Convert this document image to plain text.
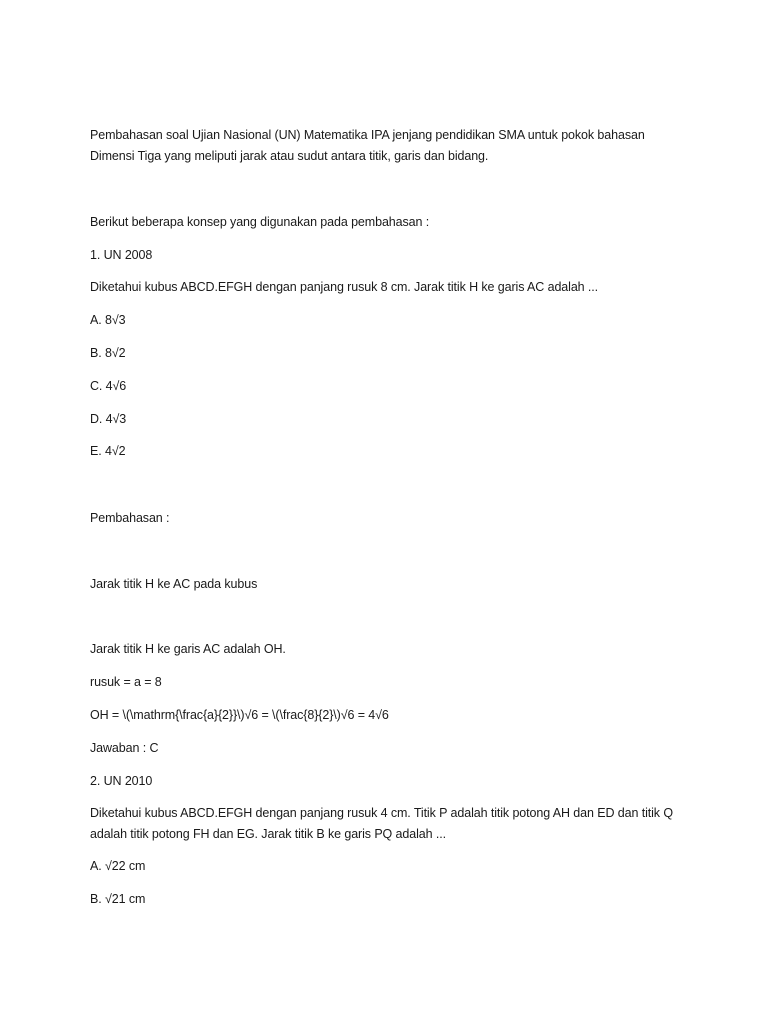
Pembahasan soal Ujian Nasional (UN) Matematika IPA jenjang pendidikan SMA untuk pokok bahasan
Dimensi Tiga yang meliputi jarak atau sudut antara titik, garis dan bidang.
Berikut beberapa konsep yang digunakan pada pembahasan :
1. UN 2008
Diketahui kubus ABCD.EFGH dengan panjang rusuk 8 cm. Jarak titik H ke garis AC adalah ...
A. 8√3
B. 8√2
C. 4√6
D. 4√3
E. 4√2
Pembahasan :
Jarak titik H ke AC pada kubus
Jarak titik H ke garis AC adalah OH.
rusuk = a = 8
OH = \(\mathrm{\frac{a}{2}}\)√6 = \(\frac{8}{2}\)√6 = 4√6
Jawaban : C
2. UN 2010
Diketahui kubus ABCD.EFGH dengan panjang rusuk 4 cm. Titik P adalah titik potong AH dan ED dan titik Q
adalah titik potong FH dan EG. Jarak titik B ke garis PQ adalah ...
A. √22 cm
B. √21 cm
